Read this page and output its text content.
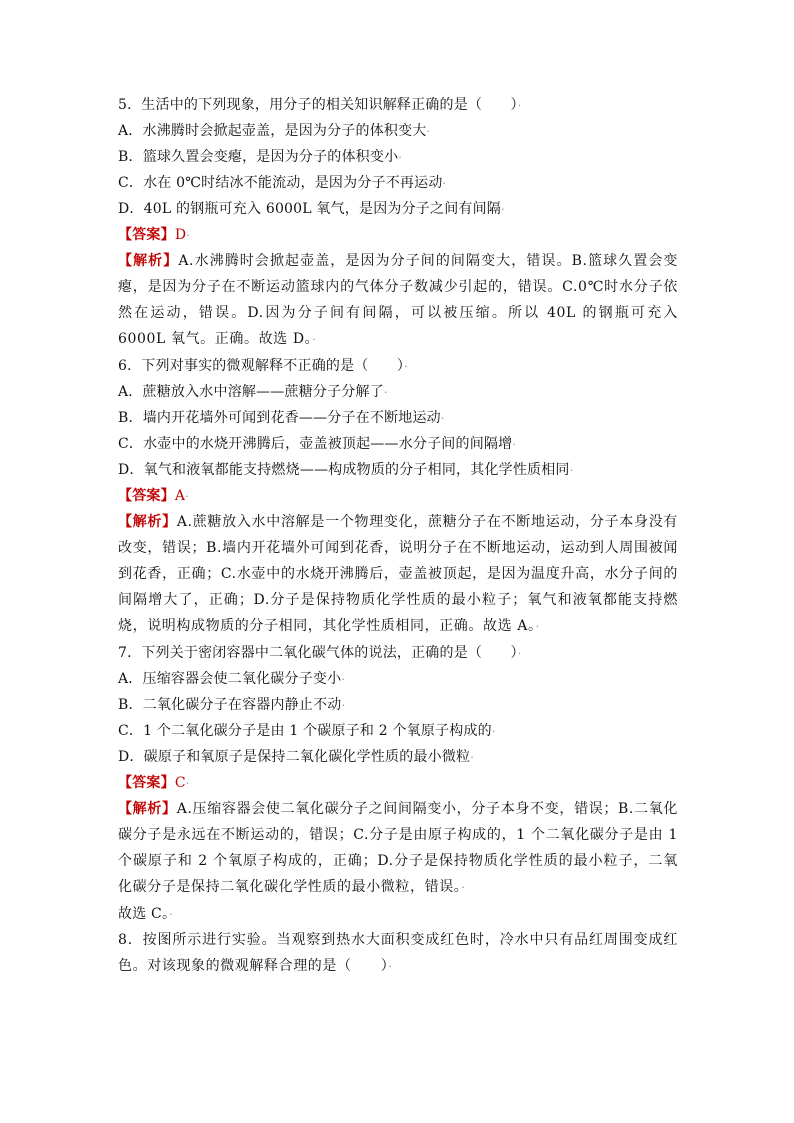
5．生活中的下列现象，用分子的相关知识解释正确的是（　　）·
A．水沸腾时会掀起壶盖，是因为分子的体积变大·
B．篮球久置会变瘪，是因为分子的体积变小·
C．水在 0℃时结冰不能流动，是因为分子不再运动·
D．40L 的钢瓶可充入 6000L 氧气，是因为分子之间有间隔·
【答案】D·
【解析】A.水沸腾时会掀起壶盖，是因为分子间的间隔变大，错误。B.篮球久置会变瘪，是因为分子在不断运动篮球内的气体分子数减少引起的，错误。C.0℃时水分子依然在运动，错误。D.因为分子间有间隔，可以被压缩。所以 40L 的钢瓶可充入 6000L 氧气。正确。故选 D。·
6．下列对事实的微观解释不正确的是（　　）·
A．蔗糖放入水中溶解——蔗糖分子分解了·
B．墙内开花墙外可闻到花香——分子在不断地运动·
C．水壶中的水烧开沸腾后，壶盖被顶起——水分子间的间隔增·
D．氧气和液氧都能支持燃烧——构成物质的分子相同，其化学性质相同·
【答案】A·
【解析】A.蔗糖放入水中溶解是一个物理变化，蔗糖分子在不断地运动，分子本身没有改变，错误；B.墙内开花墙外可闻到花香，说明分子在不断地运动，运动到人周围被闻到花香，正确；C.水壶中的水烧开沸腾后，壶盖被顶起，是因为温度升高，水分子间的间隔增大了，正确；D.分子是保持物质化学性质的最小粒子；氧气和液氧都能支持燃烧，说明构成物质的分子相同，其化学性质相同，正确。故选 A。·
7．下列关于密闭容器中二氧化碳气体的说法，正确的是（　　）·
A．压缩容器会使二氧化碳分子变小·
B．二氧化碳分子在容器内静止不动·
C．1 个二氧化碳分子是由 1 个碳原子和 2 个氧原子构成的·
D．碳原子和氧原子是保持二氧化碳化学性质的最小微粒·
【答案】C·
【解析】A.压缩容器会使二氧化碳分子之间间隔变小，分子本身不变，错误；B.二氧化碳分子是永远在不断运动的，错误；C.分子是由原子构成的，1 个二氧化碳分子是由 1 个碳原子和 2 个氧原子构成的，正确；D.分子是保持物质化学性质的最小粒子，二氧化碳分子是保持二氧化碳化学性质的最小微粒，错误。·
故选 C。·
8．按图所示进行实验。当观察到热水大面积变成红色时，冷水中只有品红周围变成红色。对该现象的微观解释合理的是（　　）·
